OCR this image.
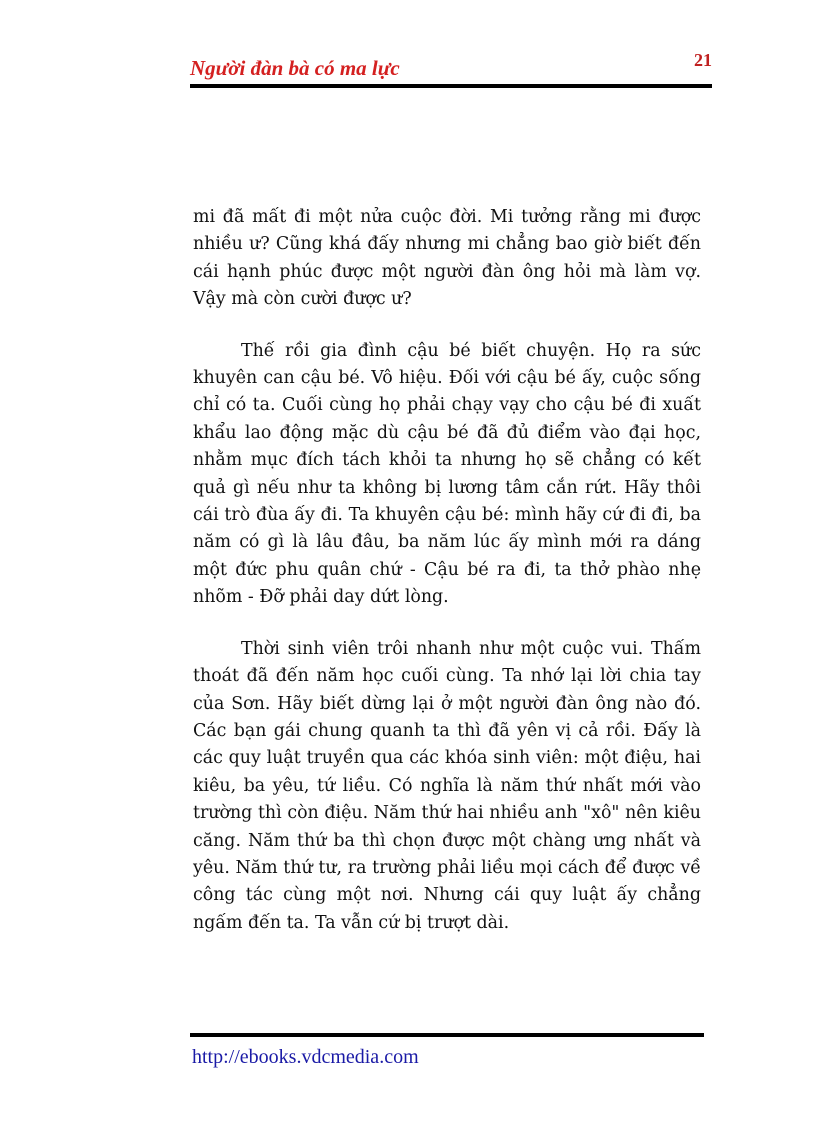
Người đàn bà có ma lực	21

mi đã mất đi một nửa cuộc đời. Mi tưởng rằng mi được nhiều ư? Cũng khá đấy nhưng mi chẳng bao giờ biết đến cái hạnh phúc được một người đàn ông hỏi mà làm vợ. Vậy mà còn cười được ư?

Thế rồi gia đình cậu bé biết chuyện. Họ ra sức khuyên can cậu bé. Vô hiệu. Đối với cậu bé ấy, cuộc sống chỉ có ta. Cuối cùng họ phải chạy vạy cho cậu bé đi xuất khẩu lao động mặc dù cậu bé đã đủ điểm vào đại học, nhằm mục đích tách khỏi ta nhưng họ sẽ chẳng có kết quả gì nếu như ta không bị lương tâm cắn rứt. Hãy thôi cái trò đùa ấy đi. Ta khuyên cậu bé: mình hãy cứ đi đi, ba năm có gì là lâu đâu, ba năm lúc ấy mình mới ra dáng một đức phu quân chứ - Cậu bé ra đi, ta thở phào nhẹ nhõm - Đỡ phải day dứt lòng.

Thời sinh viên trôi nhanh như một cuộc vui. Thấm thoát đã đến năm học cuối cùng. Ta nhớ lại lời chia tay của Sơn. Hãy biết dừng lại ở một người đàn ông nào đó. Các bạn gái chung quanh ta thì đã yên vị cả rồi. Đấy là các quy luật truyền qua các khóa sinh viên: một điệu, hai kiêu, ba yêu, tứ liều. Có nghĩa là năm thứ nhất mới vào trường thì còn điệu. Năm thứ hai nhiều anh "xô" nên kiêu căng. Năm thứ ba thì chọn được một chàng ưng nhất và yêu. Năm thứ tư, ra trường phải liều mọi cách để được về công tác cùng một nơi. Nhưng cái quy luật ấy chẳng ngấm đến ta. Ta vẫn cứ bị trượt dài.

http://ebooks.vdcmedia.com
